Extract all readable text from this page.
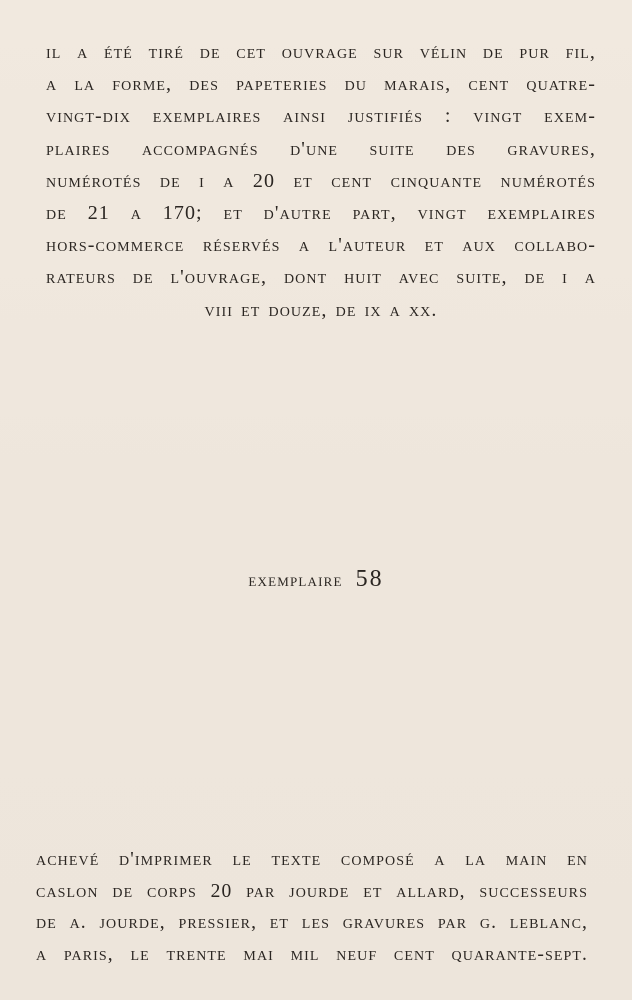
il a été tiré de cet ouvrage sur vélin de pur fil,
a la forme, des papeteries du marais, cent quatre-
vingt-dix exemplaires ainsi justifiés : vingt exem-
plaires accompagnés d'une suite des gravures,
numérotés de i a 20 et cent cinquante numérotés
de 21 a 170; et d'autre part, vingt exemplaires
hors-commerce réservés a l'auteur et aux collabo-
rateurs de l'ouvrage, dont huit avec suite, de i a
viii et douze, de ix a xx.
exemplaire 58
achevé d'imprimer le texte composé a la main en
caslon de corps 20 par jourde et allard, successeurs
de a. jourde, pressier, et les gravures par g. leblanc,
a paris, le trente mai mil neuf cent quarante-sept.
